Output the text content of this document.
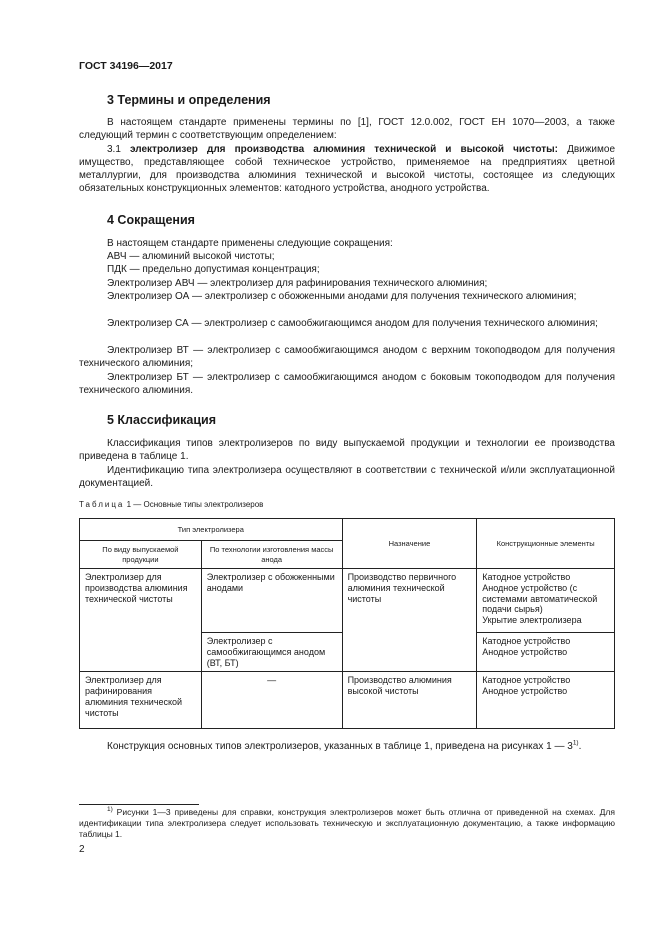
ГОСТ 34196—2017
3 Термины и определения

В настоящем стандарте применены термины по [1], ГОСТ 12.0.002, ГОСТ ЕН 1070—2003, а также следующий термин с соответствующим определением:

3.1 электролизер для производства алюминия технической и высокой чистоты: Движимое имущество, представляющее собой техническое устройство, применяемое на предприятиях цветной металлургии, для производства алюминия технической и высокой чистоты, состоящее из следующих обязательных конструкционных элементов: катодного устройства, анодного устройства.

4 Сокращения

В настоящем стандарте применены следующие сокращения:

АВЧ — алюминий высокой чистоты;

ПДК — предельно допустимая концентрация;

Электролизер АВЧ — электролизер для рафинирования технического алюминия;

Электролизер ОА — электролизер с обожженными анодами для получения технического алюминия;

Электролизер СА — электролизер с самообжигающимся анодом для получения технического алюминия;

Электролизер ВТ — электролизер с самообжигающимся анодом с верхним токоподводом для получения технического алюминия;

Электролизер БТ — электролизер с самообжигающимся анодом с боковым токоподводом для получения технического алюминия.

5 Классификация

Классификация типов электролизеров по виду выпускаемой продукции и технологии ее производства приведена в таблице 1.

Идентификацию типа электролизера осуществляют в соответствии с технической и/или эксплуатационной документацией.

Таблица 1 — Основные типы электролизеров
Тип электролизера		Назначение	Конструкционные элементы
По виду выпускаемой продукции	По технологии изготовления массы анода		
Электролизер для производства алюминия технической чистоты	Электролизер с обожженными анодами	Производство первичного алюминия технической чистоты	Катодное устройство
Анодное устройство (с системами автоматической подачи сырья)
Укрытие электролизера

	Электролизер с самообжигающимся анодом (ВТ, БТ)		Катодное устройство
Анодное устройство

Электролизер для рафинирования алюминия технической чистоты	—	Производство алюминия высокой чистоты	Катодное устройство
Анодное устройство

Конструкция основных типов электролизеров, указанных в таблице 1, приведена на рисунках 1 — 3$^{1)}$.

$^{1)}$ Рисунки 1—3 приведены для справки, конструкция электролизеров может быть отлична от приведенной на схемах. Для идентификации типа электролизера следует использовать техническую и эксплуатационную документацию, а также информацию таблицы 1.

2
